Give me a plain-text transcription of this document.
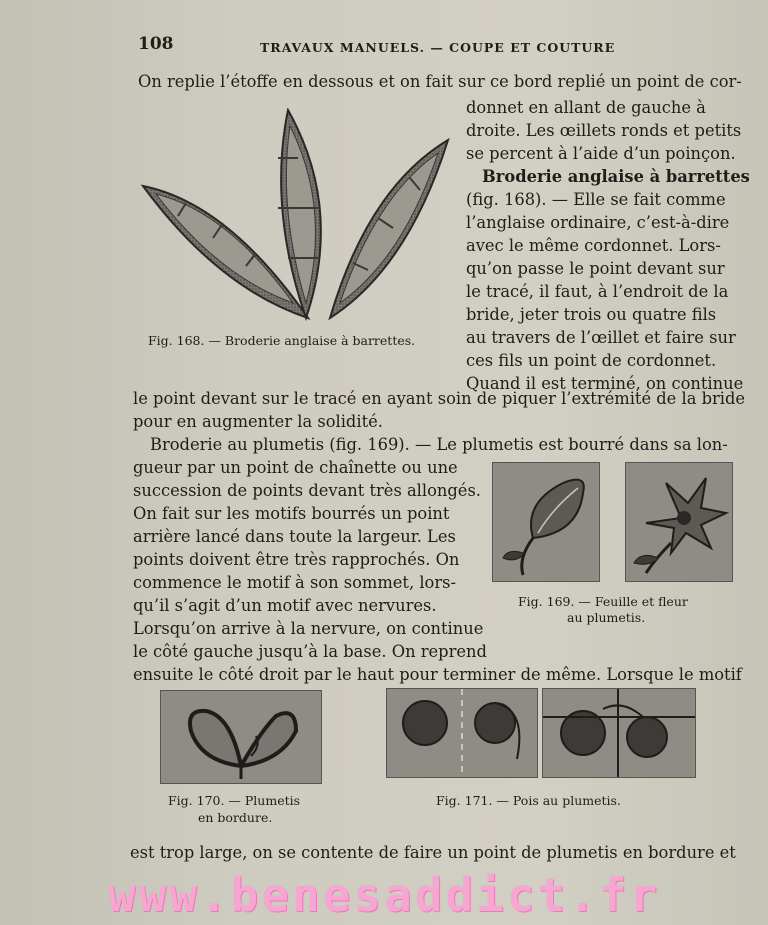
108	TRAVAUX MANUELS. — COUPE ET COUTURE
On replie l’étoffe en dessous et on fait sur ce bord replié un point de cor-
donnet en allant de gauche à
droite. Les œillets ronds et petits
se percent à l’aide d’un poinçon.
Broderie anglaise à barrettes
(fig. 168). — Elle se fait comme
l’anglaise ordinaire, c’est-à-dire
avec le même cordonnet. Lors-
qu’on passe le point devant sur
le tracé, il faut, à l’endroit de la
bride, jeter trois ou quatre fils
au travers de l’œillet et faire sur
ces fils un point de cordonnet.
Quand il est terminé, on continue
le point devant sur le tracé en ayant soin de piquer l’extrémité de la bride
pour en augmenter la solidité.
Broderie au plumetis (fig. 169). — Le plumetis est bourré dans sa lon-
gueur par un point de chaînette ou une
succession de points devant très allongés.
On fait sur les motifs bourrés un point
arrière lancé dans toute la largeur. Les
points doivent être très rapprochés. On
commence le motif à son sommet, lors-
qu’il s’agit d’un motif avec nervures.
Lorsqu’on arrive à la nervure, on continue
le côté gauche jusqu’à la base. On reprend
ensuite le côté droit par le haut pour terminer de même. Lorsque le motif
est trop large, on se contente de faire un point de plumetis en bordure et
Fig. 168. — Broderie anglaise à barrettes.
Fig. 169. — Feuille et fleur
au plumetis.
Fig. 170. — Plumetis
en bordure.
Fig. 171. — Pois au plumetis.
www.benesaddict.fr
